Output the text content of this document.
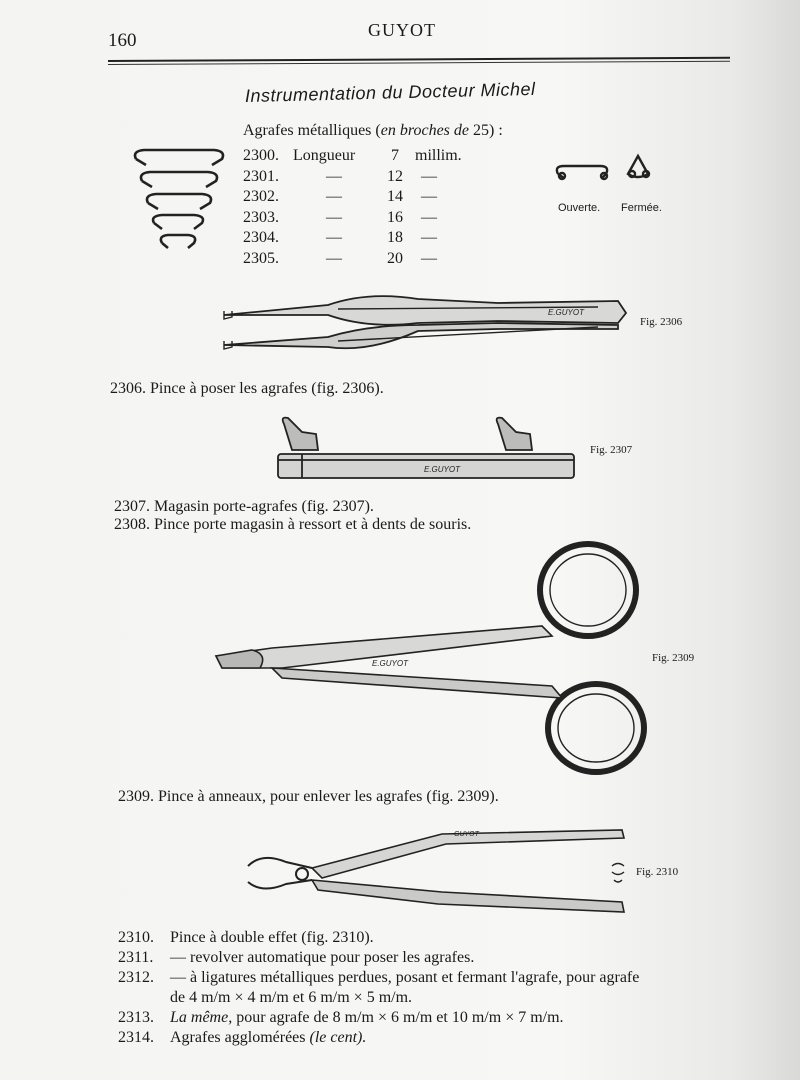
160	GUYOT
Instrumentation du Docteur Michel
Agrafes métalliques (en broches de 25) :
2300. Longueur	7	millim.
2301.	—	12	—
2302.	—	14	—
2303.	—	16	—
2304.	—	18	—
2305.	—	20	—
Ouverte. Fermée.
E.GUYOT
Fig. 2306
2306. Pince à poser les agrafes (fig. 2306).
E.GUYOT
Fig. 2307
2307. Magasin porte-agrafes (fig. 2307).
2308. Pince porte magasin à ressort et à dents de souris.
E.GUYOT	Fig. 2309
2309. Pince à anneaux, pour enlever les agrafes (fig. 2309).
GUYOT
Fig. 2310
2310. Pince à double effet (fig. 2310).
2311. — revolver automatique pour poser les agrafes.
2312. — à ligatures métalliques perdues, posant et fermant l'agrafe, pour agrafe
de 4 m/m × 4 m/m et 6 m/m × 5 m/m.
2313. La même, pour agrafe de 8 m/m × 6 m/m et 10 m/m × 7 m/m.
2314. Agrafes agglomérées (le cent).
